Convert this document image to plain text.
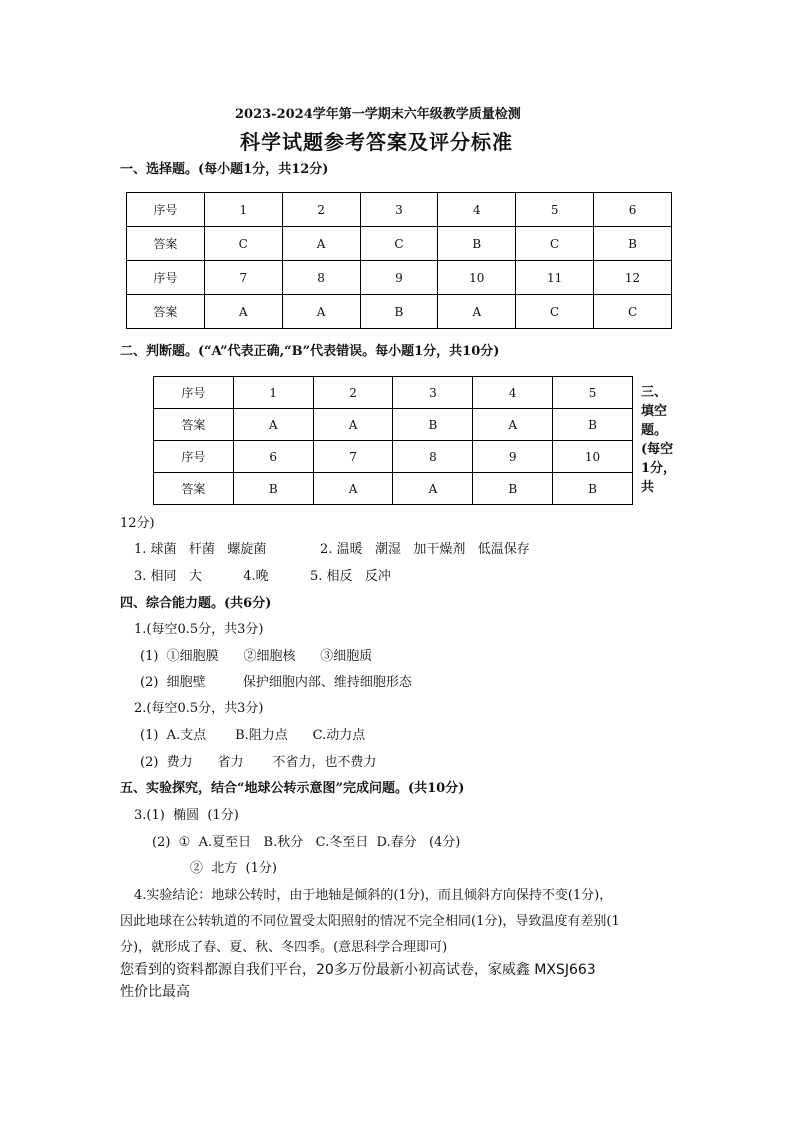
2023-2024学年第一学期末六年级教学质量检测
科学试题参考答案及评分标准
一、选择题。(每小题1分，共12分)
序号	1	2	3	4	5	6
答案	C	A	C	B	C	B
序号	7	8	9	10	11	12
答案	A	A	B	A	C	C
二、判断题。(“A”代表正确,“B”代表错误。每小题1分，共10分)
序号	1	2	3	4	5
答案	A	A	B	A	B
序号	6	7	8	9	10
答案	B	A	A	B	B
三、填空题。(每空1分，共
12分)
1. 球菌   杆菌   螺旋菌             2. 温暖   潮湿   加干燥剂   低温保存
3. 相同   大          4.晚          5. 相反   反冲
四、综合能力题。(共6分)
1.(每空0.5分，共3分)
(1)  ①细胞膜      ②细胞核      ③细胞质
(2)  细胞壁         保护细胞内部、维持细胞形态
2.(每空0.5分，共3分)
(1)  A.支点       B.阻力点      C.动力点
(2)  费力      省力       不省力，也不费力
五、实验探究，结合“地球公转示意图”完成问题。(共10分)
3.(1)  椭圆  (1分)
(2)  ①  A.夏至日   B.秋分   C.冬至日  D.春分   (4分)
②  北方  (1分)
4.实验结论：地球公转时，由于地轴是倾斜的(1分)，而且倾斜方向保持不变(1分)，
因此地球在公转轨道的不同位置受太阳照射的情况不完全相同(1分)，导致温度有差别(1
分)，就形成了春、夏、秋、冬四季。(意思科学合理即可)
您看到的资料都源自我们平台，20多万份最新小初高试卷，家威鑫 MXSJ663
性价比最高
